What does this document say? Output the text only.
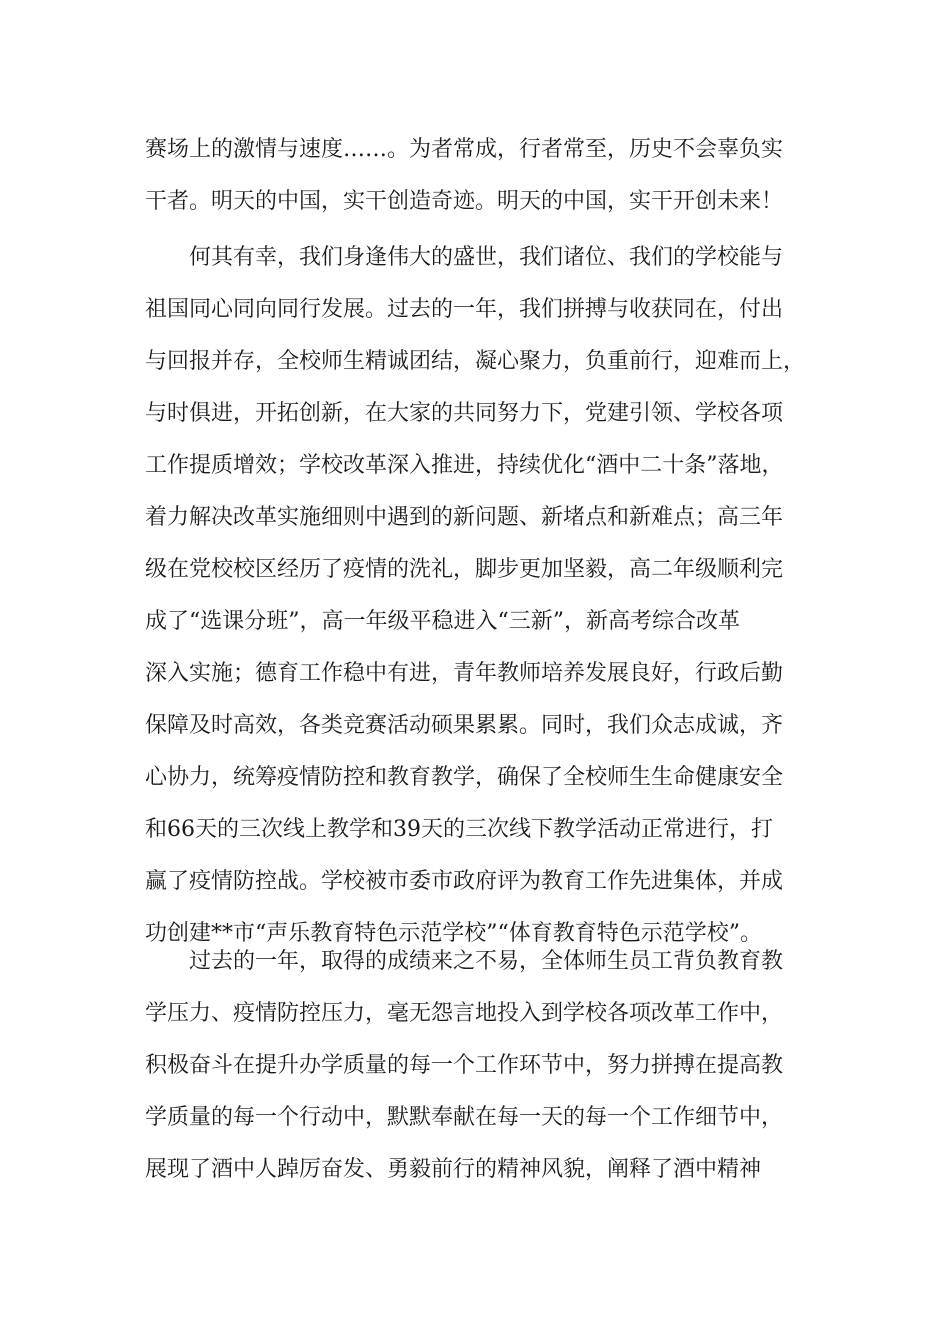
赛场上的激情与速度……。为者常成，行者常至，历史不会辜负实
干者。明天的中国，实干创造奇迹。明天的中国，实干开创未来！

　　何其有幸，我们身逢伟大的盛世，我们诸位、我们的学校能与
祖国同心同向同行发展。过去的一年，我们拼搏与收获同在，付出
与回报并存，全校师生精诚团结，凝心聚力，负重前行，迎难而上，
与时俱进，开拓创新，在大家的共同努力下，党建引领、学校各项
工作提质增效；学校改革深入推进，持续优化“酒中二十条”落地，
着力解决改革实施细则中遇到的新问题、新堵点和新难点；高三年
级在党校校区经历了疫情的洗礼，脚步更加坚毅，高二年级顺利完
成了“选课分班”，高一年级平稳进入“三新”，新高考综合改革
深入实施；德育工作稳中有进，青年教师培养发展良好，行政后勤
保障及时高效，各类竞赛活动硕果累累。同时，我们众志成诚，齐
心协力，统筹疫情防控和教育教学，确保了全校师生生命健康安全
和66天的三次线上教学和39天的三次线下教学活动正常进行，打
赢了疫情防控战。学校被市委市政府评为教育工作先进集体，并成
功创建**市“声乐教育特色示范学校”“体育教育特色示范学校”。

　　过去的一年，取得的成绩来之不易，全体师生员工背负教育教
学压力、疫情防控压力，毫无怨言地投入到学校各项改革工作中，
积极奋斗在提升办学质量的每一个工作环节中，努力拼搏在提高教
学质量的每一个行动中，默默奉献在每一天的每一个工作细节中，
展现了酒中人踔厉奋发、勇毅前行的精神风貌，阐释了酒中精神
